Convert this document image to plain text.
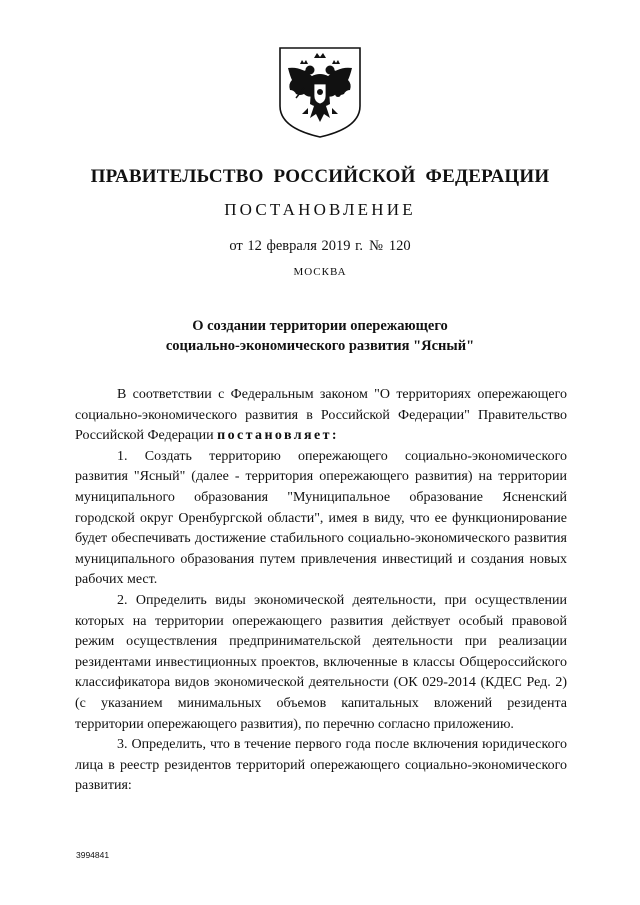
ПРАВИТЕЛЬСТВО РОССИЙСКОЙ ФЕДЕРАЦИИ
ПОСТАНОВЛЕНИЕ
от 12 февраля 2019 г. № 120
МОСКВА
О создании территории опережающего
социально-экономического развития "Ясный"

В соответствии с Федеральным законом "О территориях опережающего социально-экономического развития в Российской Федерации" Правительство Российской Федерации постановляет:

1. Создать территорию опережающего социально-экономического развития "Ясный" (далее - территория опережающего развития) на территории муниципального образования "Муниципальное образование Ясненский городской округ Оренбургской области", имея в виду, что ее функционирование будет обеспечивать достижение стабильного социально-экономического развития муниципального образования путем привлечения инвестиций и создания новых рабочих мест.

2. Определить виды экономической деятельности, при осуществлении которых на территории опережающего развития действует особый правовой режим осуществления предпринимательской деятельности при реализации резидентами инвестиционных проектов, включенные в классы Общероссийского классификатора видов экономической деятельности (ОК 029-2014 (КДЕС Ред. 2) (с указанием минимальных объемов капитальных вложений резидента территории опережающего развития), по перечню согласно приложению.

3. Определить, что в течение первого года после включения юридического лица в реестр резидентов территорий опережающего социально-экономического развития:

3994841
